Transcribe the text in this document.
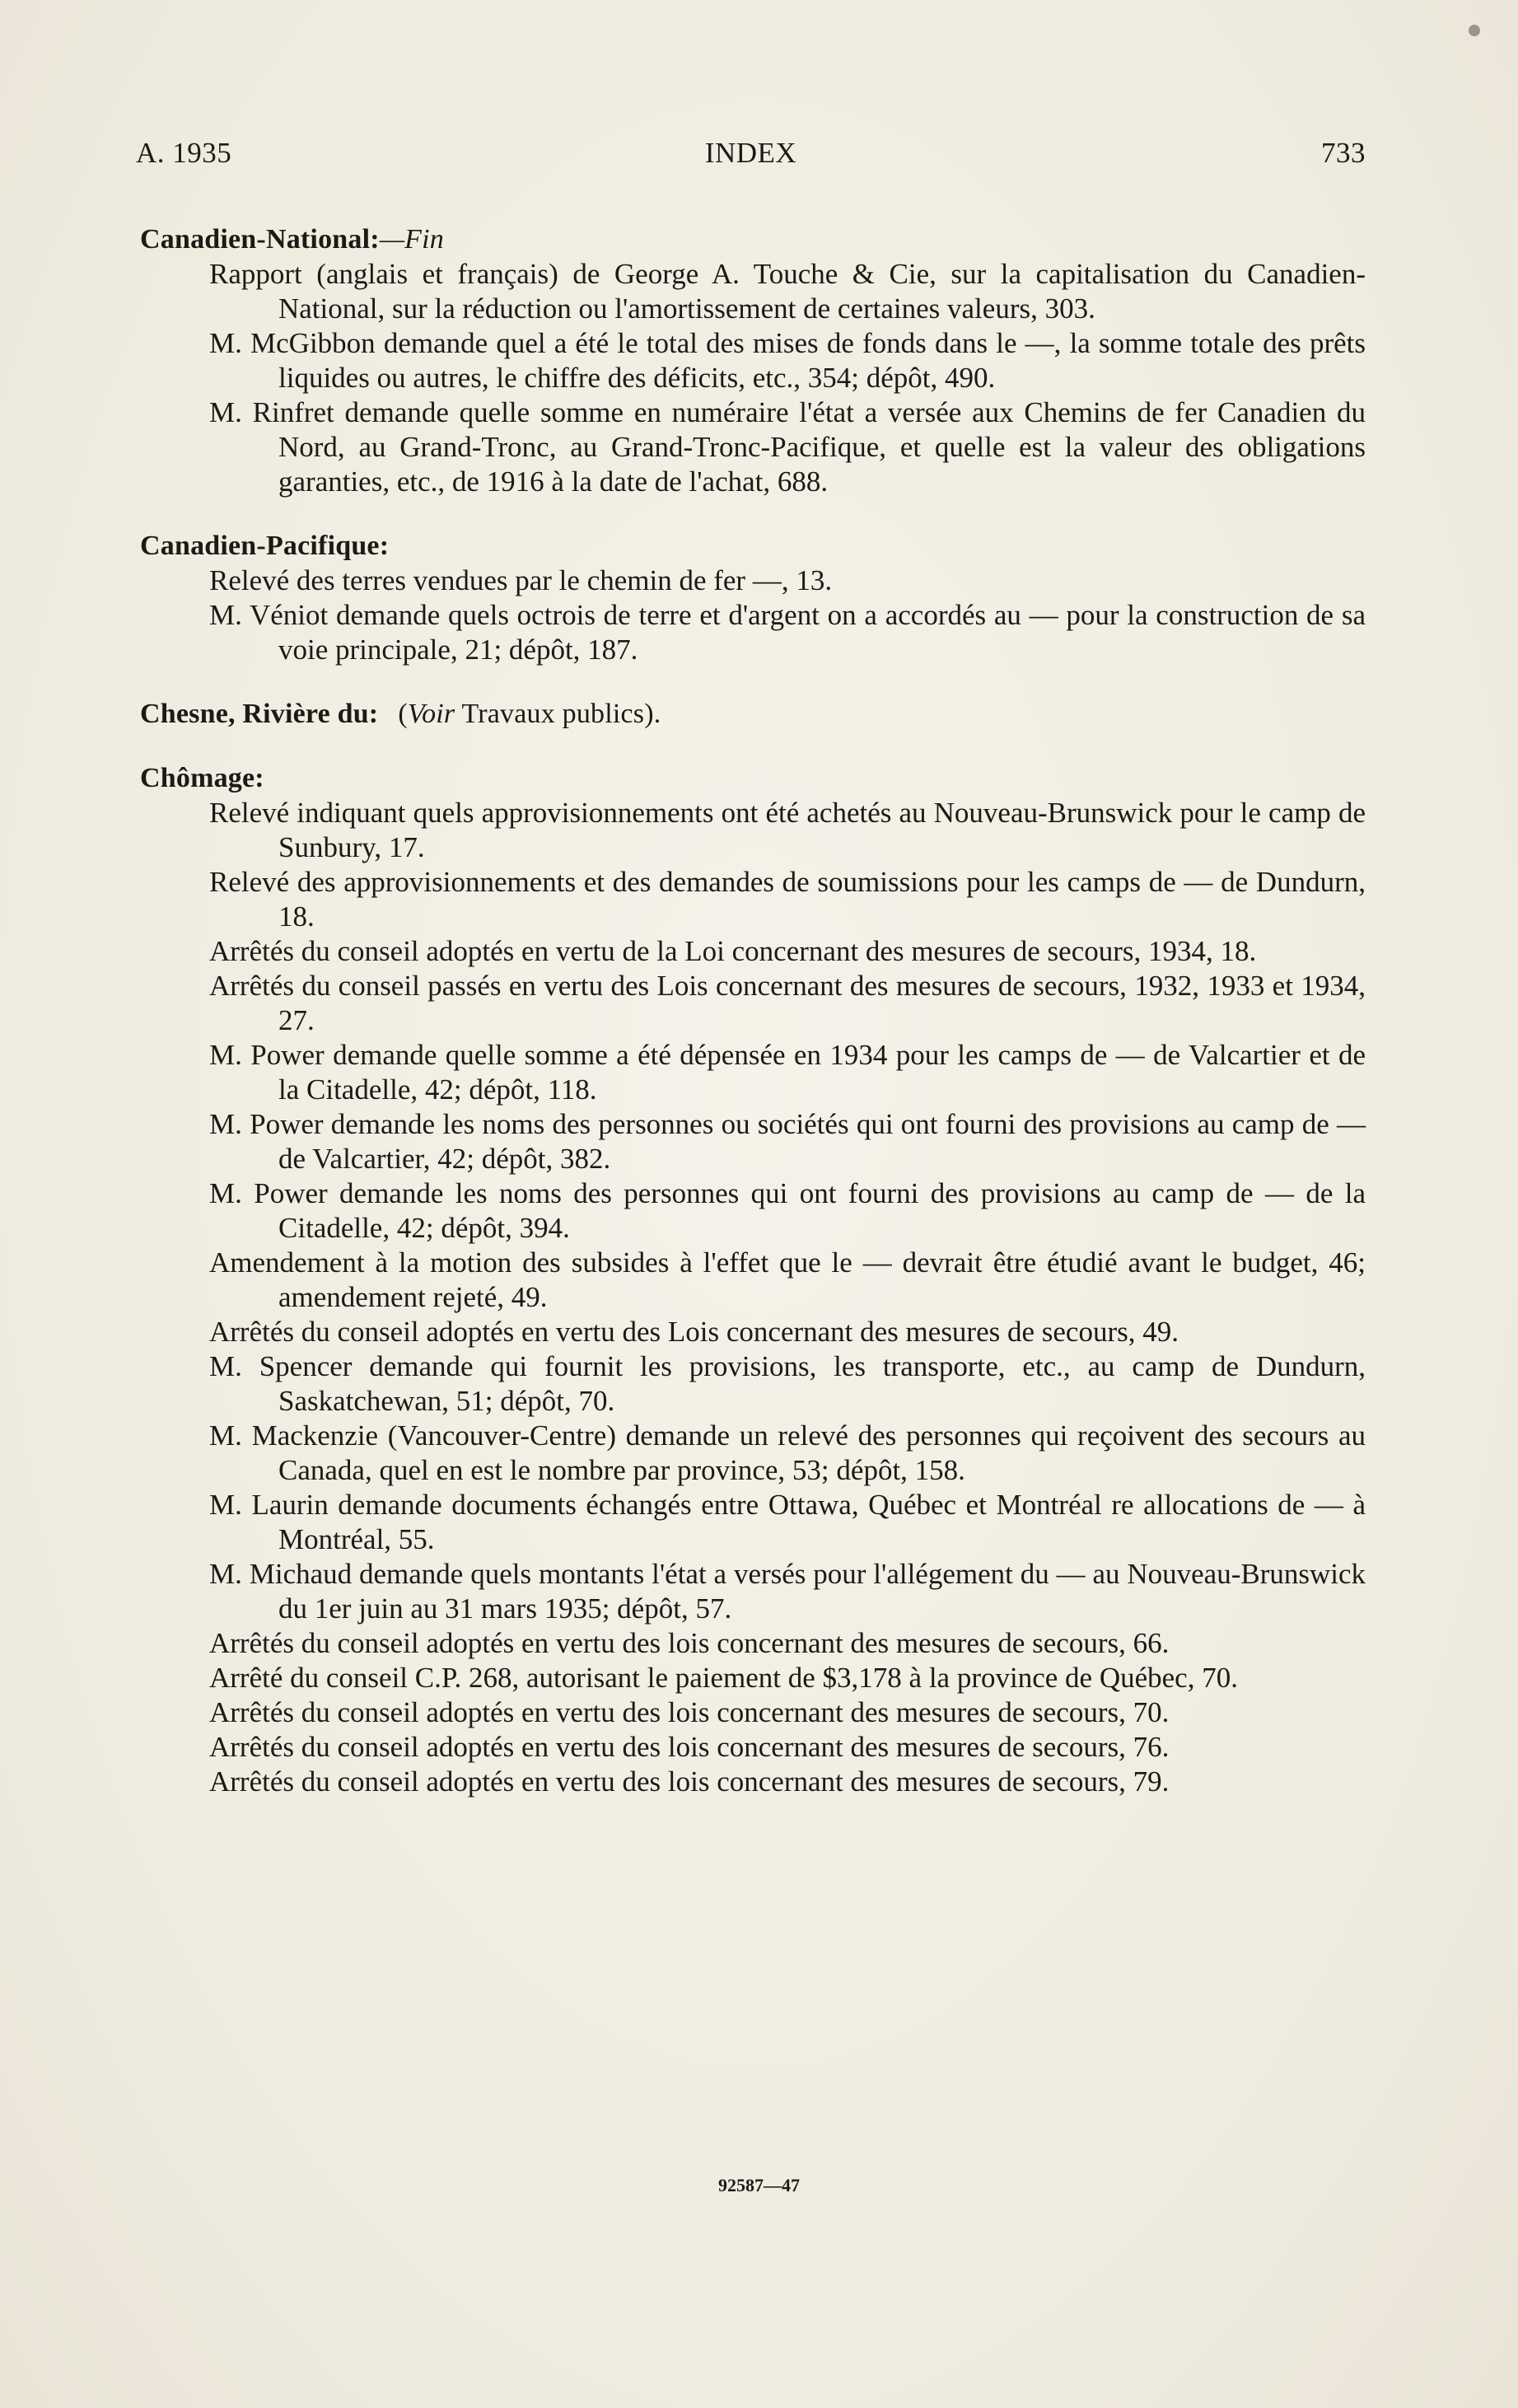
A. 1935	INDEX	733
Canadien-National:—Fin
Rapport (anglais et français) de George A. Touche & Cie, sur la capitalisation du Canadien-National, sur la réduction ou l'amortissement de certaines valeurs, 303.
M. McGibbon demande quel a été le total des mises de fonds dans le —, la somme totale des prêts liquides ou autres, le chiffre des déficits, etc., 354; dépôt, 490.
M. Rinfret demande quelle somme en numéraire l'état a versée aux Chemins de fer Canadien du Nord, au Grand-Tronc, au Grand-Tronc-Pacifique, et quelle est la valeur des obligations garanties, etc., de 1916 à la date de l'achat, 688.
Canadien-Pacifique:
Relevé des terres vendues par le chemin de fer —, 13.
M. Véniot demande quels octrois de terre et d'argent on a accordés au — pour la construction de sa voie principale, 21; dépôt, 187.
Chesne, Rivière du: (Voir Travaux publics).
Chômage:
Relevé indiquant quels approvisionnements ont été achetés au Nouveau-Brunswick pour le camp de Sunbury, 17.
Relevé des approvisionnements et des demandes de soumissions pour les camps de — de Dundurn, 18.
Arrêtés du conseil adoptés en vertu de la Loi concernant des mesures de secours, 1934, 18.
Arrêtés du conseil passés en vertu des Lois concernant des mesures de secours, 1932, 1933 et 1934, 27.
M. Power demande quelle somme a été dépensée en 1934 pour les camps de — de Valcartier et de la Citadelle, 42; dépôt, 118.
M. Power demande les noms des personnes ou sociétés qui ont fourni des provisions au camp de — de Valcartier, 42; dépôt, 382.
M. Power demande les noms des personnes qui ont fourni des provisions au camp de — de la Citadelle, 42; dépôt, 394.
Amendement à la motion des subsides à l'effet que le — devrait être étudié avant le budget, 46; amendement rejeté, 49.
Arrêtés du conseil adoptés en vertu des Lois concernant des mesures de secours, 49.
M. Spencer demande qui fournit les provisions, les transporte, etc., au camp de Dundurn, Saskatchewan, 51; dépôt, 70.
M. Mackenzie (Vancouver-Centre) demande un relevé des personnes qui reçoivent des secours au Canada, quel en est le nombre par province, 53; dépôt, 158.
M. Laurin demande documents échangés entre Ottawa, Québec et Montréal re allocations de — à Montréal, 55.
M. Michaud demande quels montants l'état a versés pour l'allégement du — au Nouveau-Brunswick du 1er juin au 31 mars 1935; dépôt, 57.
Arrêtés du conseil adoptés en vertu des lois concernant des mesures de secours, 66.
Arrêté du conseil C.P. 268, autorisant le paiement de $3,178 à la province de Québec, 70.
Arrêtés du conseil adoptés en vertu des lois concernant des mesures de secours, 70.
Arrêtés du conseil adoptés en vertu des lois concernant des mesures de secours, 76.
Arrêtés du conseil adoptés en vertu des lois concernant des mesures de secours, 79.
92587—47
